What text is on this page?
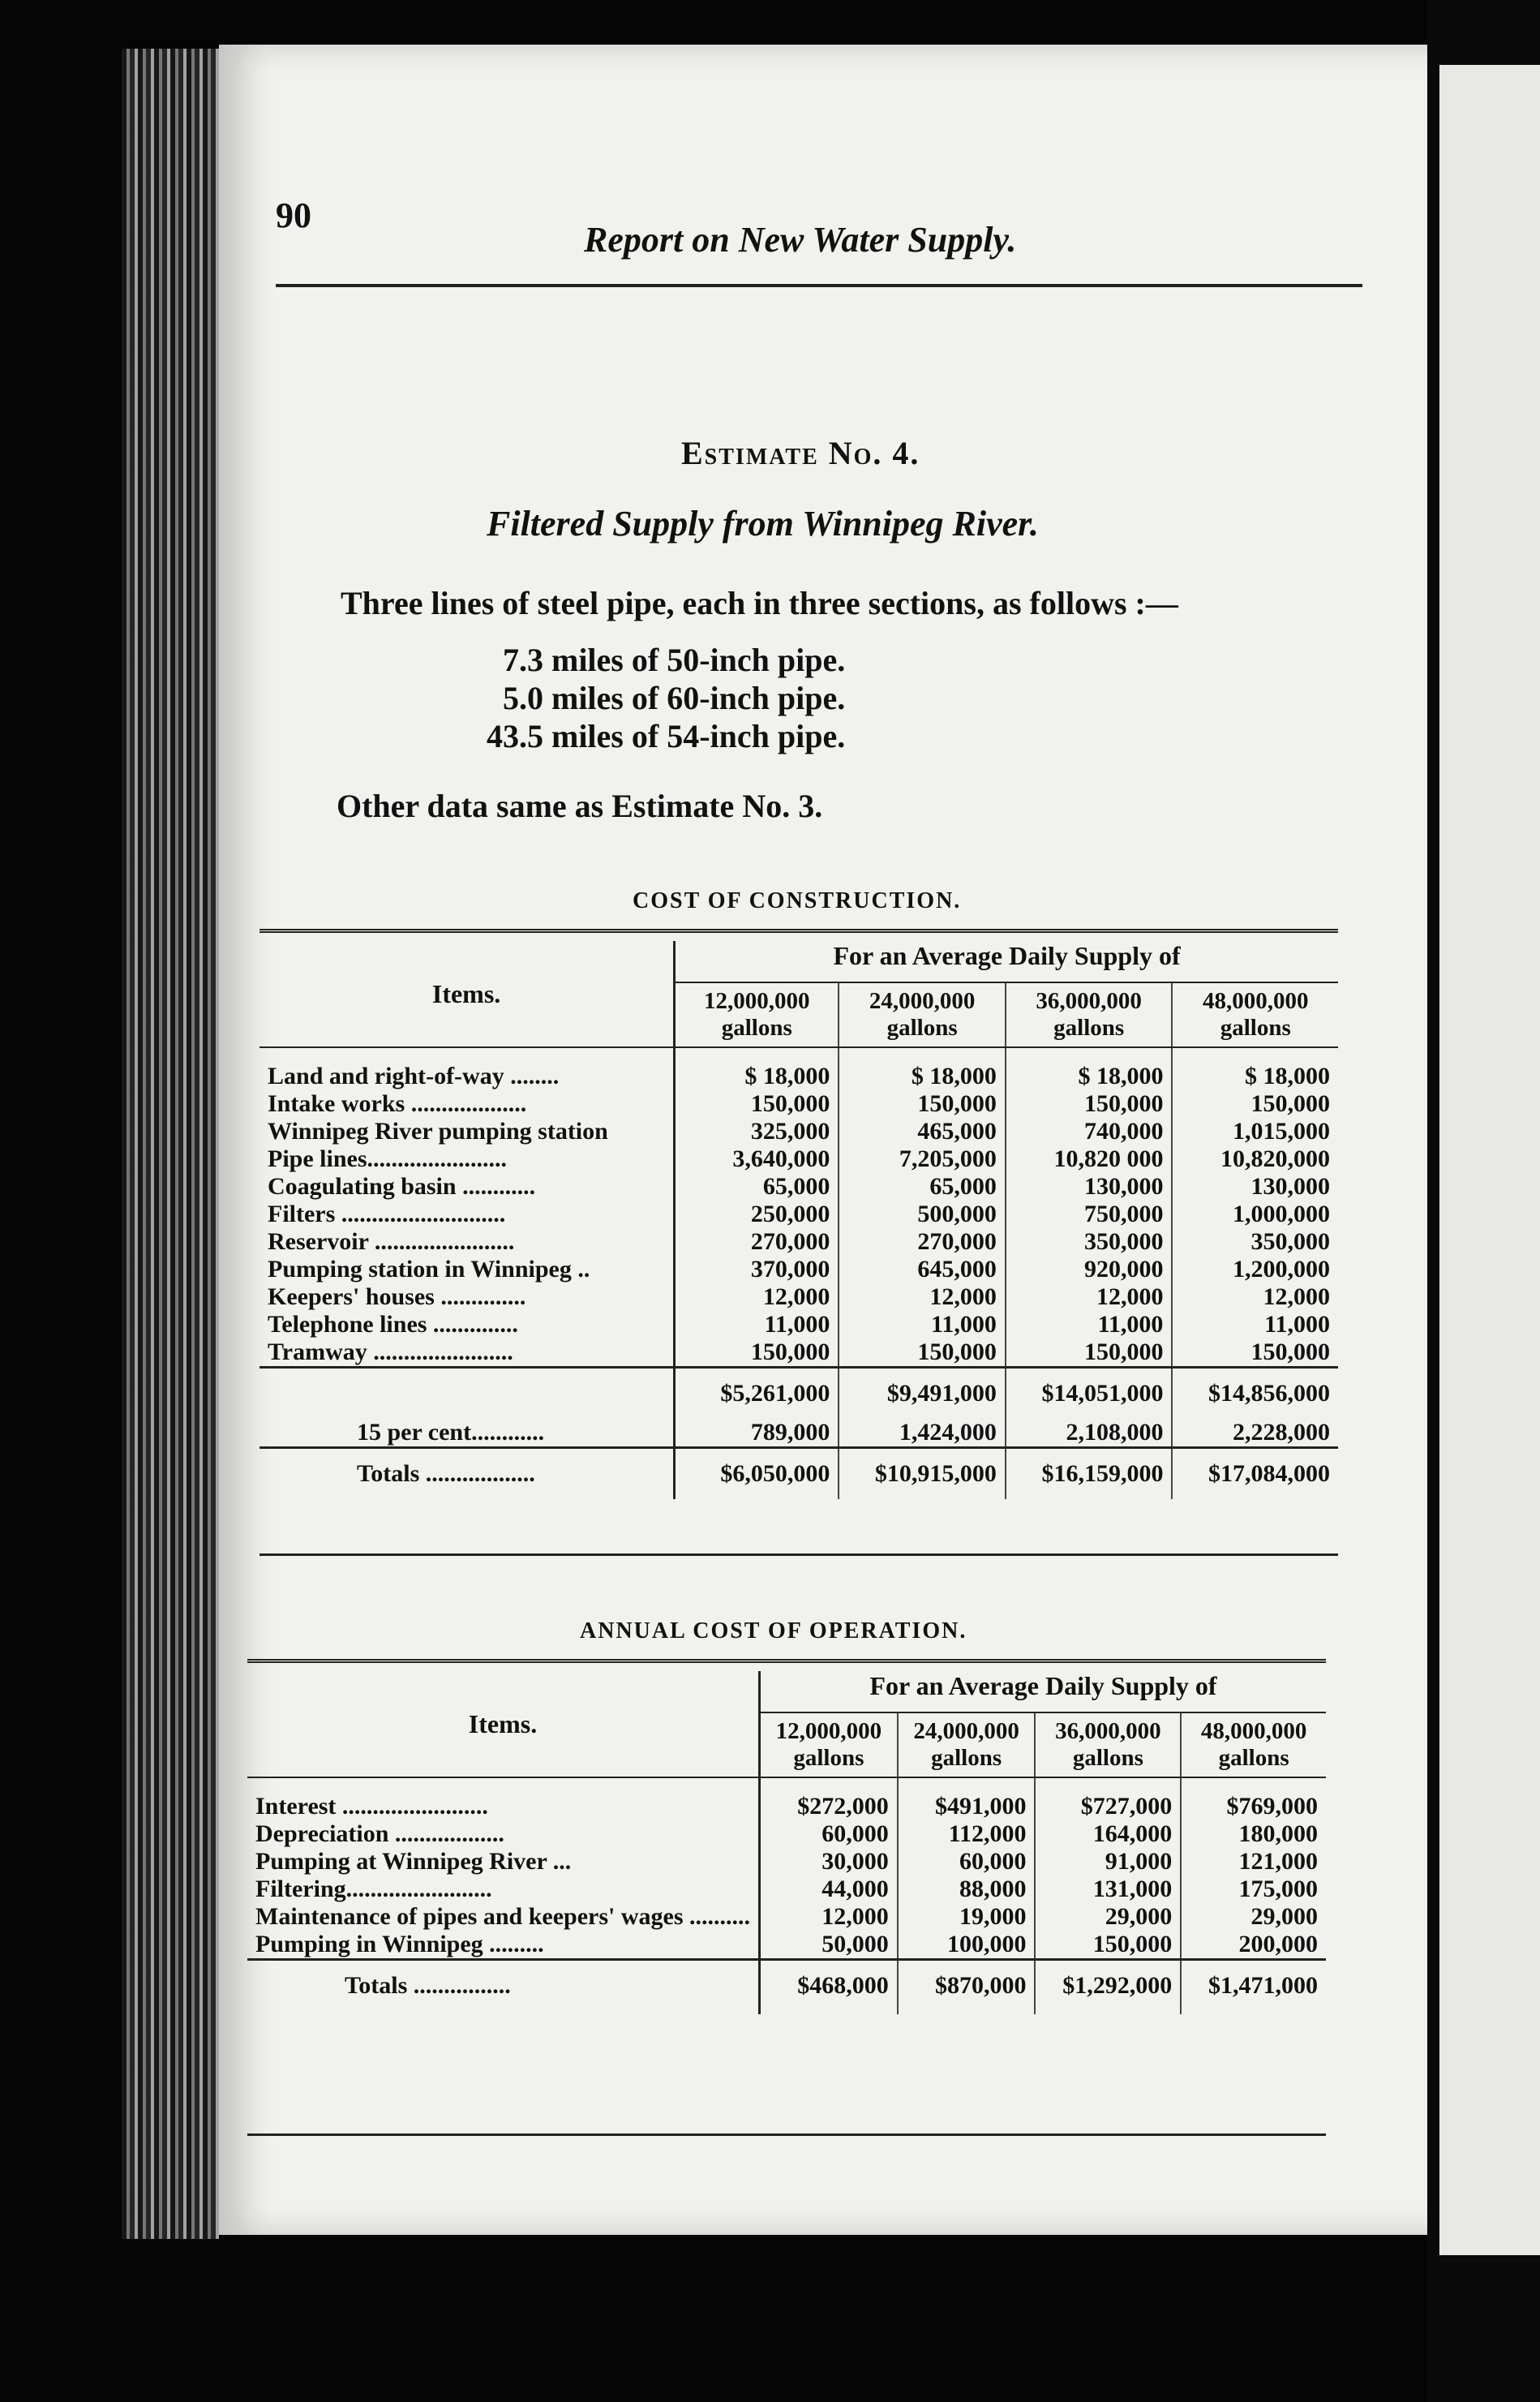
90
Report on New Water Supply.
Estimate No. 4.
Filtered Supply from Winnipeg River.
Three lines of steel pipe, each in three sections, as follows :—
7.3 miles of 50-inch pipe.
5.0 miles of 60-inch pipe.
43.5 miles of 54-inch pipe.
Other data same as Estimate No. 3.
COST OF CONSTRUCTION.
Items.	For an Average Daily Supply of			
	12,000,000 gallons	24,000,000 gallons	36,000,000 gallons	48,000,000 gallons
Land and right-of-way ........	$ 18,000	$ 18,000	$ 18,000	$ 18,000
Intake works ...................	150,000	150,000	150,000	150,000
Winnipeg River pumping station	325,000	465,000	740,000	1,015,000
Pipe lines.......................	3,640,000	7,205,000	10,820 000	10,820,000
Coagulating basin ............	65,000	65,000	130,000	130,000
Filters ...........................	250,000	500,000	750,000	1,000,000
Reservoir .......................	270,000	270,000	350,000	350,000
Pumping station in Winnipeg ..	370,000	645,000	920,000	1,200,000
Keepers' houses ..............	12,000	12,000	12,000	12,000
Telephone lines ..............	11,000	11,000	11,000	11,000
Tramway .......................	150,000	150,000	150,000	150,000
	$5,261,000	$9,491,000	$14,051,000	$14,856,000
15 per cent............	789,000	1,424,000	2,108,000	2,228,000
Totals ..................	$6,050,000	$10,915,000	$16,159,000	$17,084,000
ANNUAL COST OF OPERATION.
Items.	For an Average Daily Supply of			
	12,000,000 gallons	24,000,000 gallons	36,000,000 gallons	48,000,000 gallons
Interest ........................	$272,000	$491,000	$727,000	$769,000
Depreciation ..................	60,000	112,000	164,000	180,000
Pumping at Winnipeg River ...	30,000	60,000	91,000	121,000
Filtering........................	44,000	88,000	131,000	175,000
Maintenance of pipes and keepers' wages ..........	12,000	19,000	29,000	29,000
Pumping in Winnipeg .........	50,000	100,000	150,000	200,000
Totals ................	$468,000	$870,000	$1,292,000	$1,471,000
